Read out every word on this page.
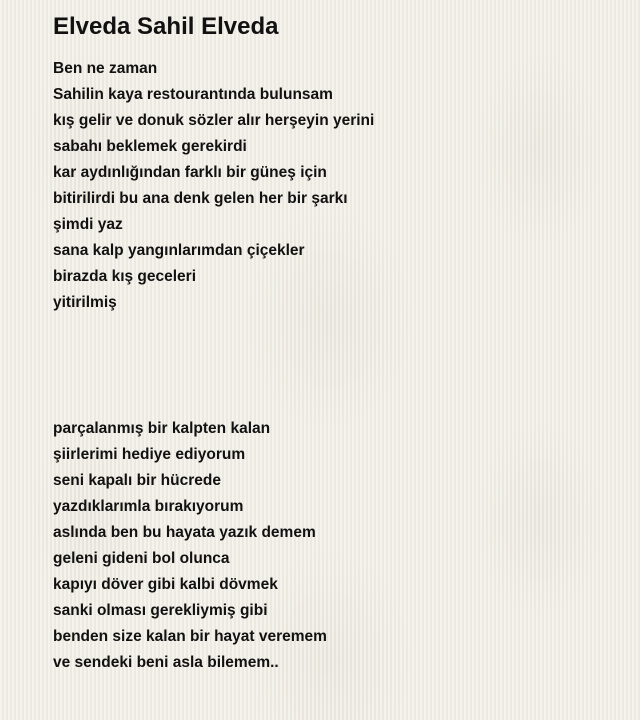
Elveda Sahil Elveda
Ben ne zaman
Sahilin kaya restourantında bulunsam
kış gelir ve donuk sözler alır herşeyin yerini
sabahı beklemek gerekirdi
kar aydınlığından farklı bir güneş için
bitirilirdi bu ana denk gelen her bir şarkı
şimdi yaz
sana kalp yangınlarımdan çiçekler
birazda kış geceleri
yitirilmiş
parçalanmış bir kalpten kalan
şiirlerimi hediye ediyorum
seni kapalı bir hücrede
yazdıklarımla bırakıyorum
aslında ben bu hayata yazık demem
geleni gideni bol olunca
kapıyı döver gibi kalbi dövmek
sanki olması gerekliymiş gibi
benden size kalan bir hayat veremem
ve sendeki beni asla bilemem..
